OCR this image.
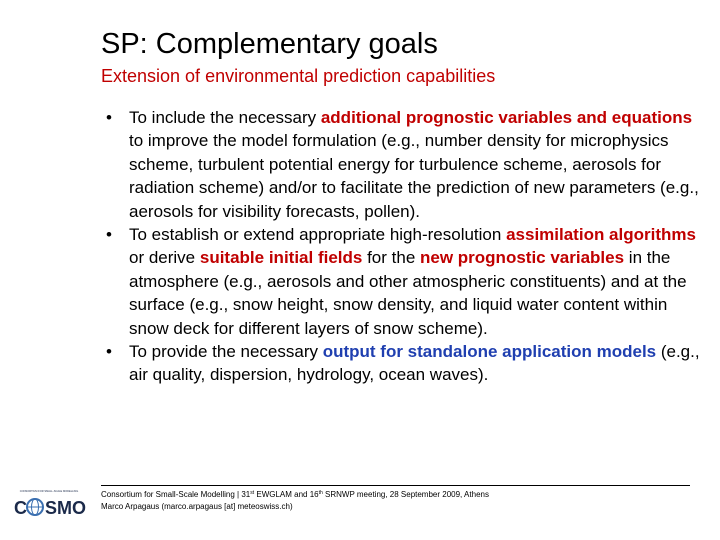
SP: Complementary goals
Extension of environmental prediction capabilities
• To include the necessary additional prognostic variables and equations to improve the model formulation (e.g., number density for microphysics scheme, turbulent potential energy for turbulence scheme, aerosols for radiation scheme) and/or to facilitate the prediction of new parameters (e.g., aerosols for visibility forecasts, pollen).
• To establish or extend appropriate high-resolution assimilation algorithms or derive suitable initial fields for the new prognostic variables in the atmosphere (e.g., aerosols and other atmospheric constituents) and at the surface (e.g., snow height, snow density, and liquid water content within snow deck for different layers of snow scheme).
• To provide the necessary output for standalone application models (e.g., air quality, dispersion, hydrology, ocean waves).
CONSORTIUM FOR SMALL-SCALE MODELLING
C SMO
Consortium for Small-Scale Modelling | 31st EWGLAM and 16th SRNWP meeting, 28 September 2009, Athens
Marco Arpagaus (marco.arpagaus [at] meteoswiss.ch)
